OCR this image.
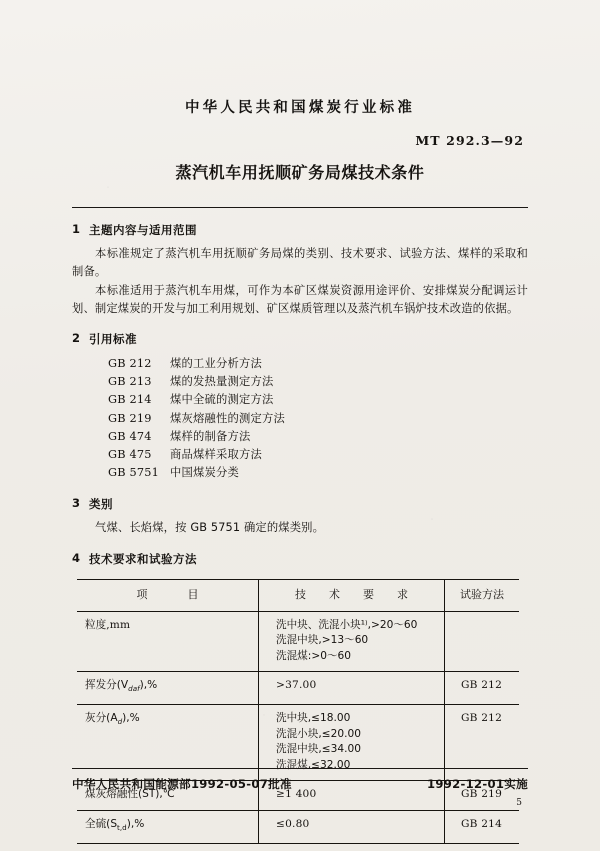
中华人民共和国煤炭行业标准
MT 292.3—92
蒸汽机车用抚顺矿务局煤技术条件
1 主题内容与适用范围
本标准规定了蒸汽机车用抚顺矿务局煤的类别、技术要求、试验方法、煤样的采取和制备。
本标准适用于蒸汽机车用煤，可作为本矿区煤炭资源用途评价、安排煤炭分配调运计划、制定煤炭的开发与加工利用规划、矿区煤质管理以及蒸汽机车锅炉技术改造的依据。
2 引用标准
GB 212	煤的工业分析方法
GB 213	煤的发热量测定方法
GB 214	煤中全硫的测定方法
GB 219	煤灰熔融性的测定方法
GB 474	煤样的制备方法
GB 475	商品煤样采取方法
GB 5751 中国煤炭分类
3 类别
气煤、长焰煤，按 GB 5751 确定的煤类别。
4 技术要求和试验方法
项　　目	技　术　要　求	试验方法
粒度,mm	洗中块、洗混小块¹⁾,>20～60
洗混中块,>13～60
洗混煤:>0～60	

挥发分$(V_{daf}),\%$	>37.00	GB 212
灰分$(A_d),\%$	洗中块,≤18.00
洗混小块,≤20.00
洗混中块,≤34.00
洗混煤,≤32.00	GB 212
煤灰熔融性(ST),℃	≥1 400	GB 219
全硫$(S_{t,d}),\%$	≤0.80	GB 214
中华人民共和国能源部1992-05-07批准	1992-12-01实施
5
